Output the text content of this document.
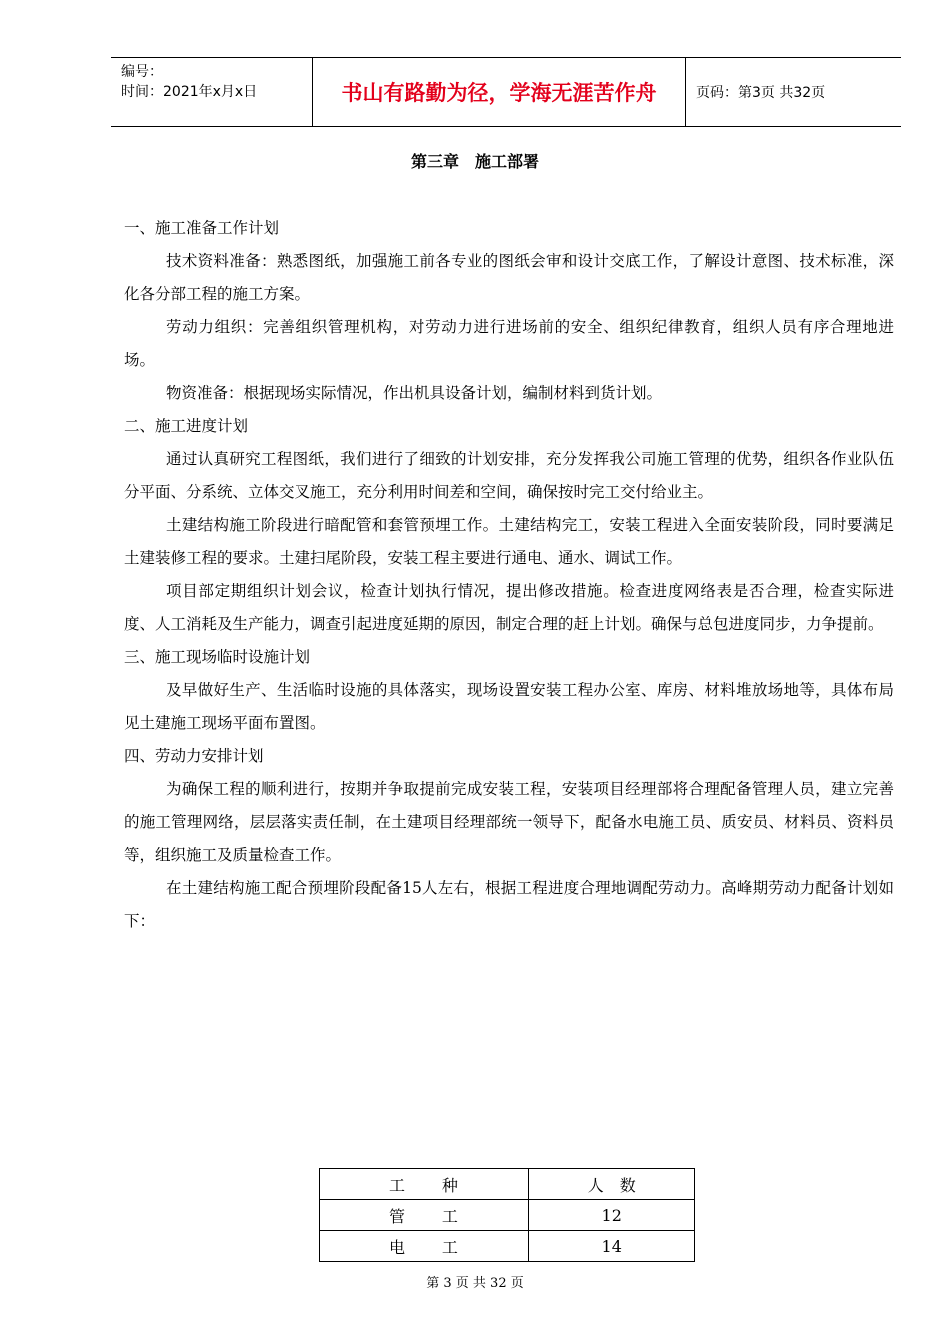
编号：
时间：2021年x月x日	书山有路勤为径，学海无涯苦作舟	页码：第3页 共32页
第三章　施工部署

一、施工准备工作计划

技术资料准备：熟悉图纸，加强施工前各专业的图纸会审和设计交底工作，了解设计意图、技术标准，深化各分部工程的施工方案。

劳动力组织：完善组织管理机构，对劳动力进行进场前的安全、组织纪律教育，组织人员有序合理地进场。

物资准备：根据现场实际情况，作出机具设备计划，编制材料到货计划。

二、施工进度计划

通过认真研究工程图纸，我们进行了细致的计划安排，充分发挥我公司施工管理的优势，组织各作业队伍分平面、分系统、立体交叉施工，充分利用时间差和空间，确保按时完工交付给业主。

土建结构施工阶段进行暗配管和套管预埋工作。土建结构完工，安装工程进入全面安装阶段，同时要满足土建装修工程的要求。土建扫尾阶段，安装工程主要进行通电、通水、调试工作。

项目部定期组织计划会议，检查计划执行情况，提出修改措施。检查进度网络表是否合理，检查实际进度、人工消耗及生产能力，调查引起进度延期的原因，制定合理的赶上计划。确保与总包进度同步，力争提前。

三、施工现场临时设施计划

及早做好生产、生活临时设施的具体落实，现场设置安装工程办公室、库房、材料堆放场地等，具体布局见土建施工现场平面布置图。

四、劳动力安排计划

为确保工程的顺利进行，按期并争取提前完成安装工程，安装项目经理部将合理配备管理人员，建立完善的施工管理网络，层层落实责任制，在土建项目经理部统一领导下，配备水电施工员、质安员、材料员、资料员等，组织施工及质量检查工作。

在土建结构施工配合预埋阶段配备15人左右，根据工程进度合理地调配劳动力。高峰期劳动力配备计划如下：

工　　种	人　数
管　　工	12
电　　工	14
第 3 页 共 32 页
